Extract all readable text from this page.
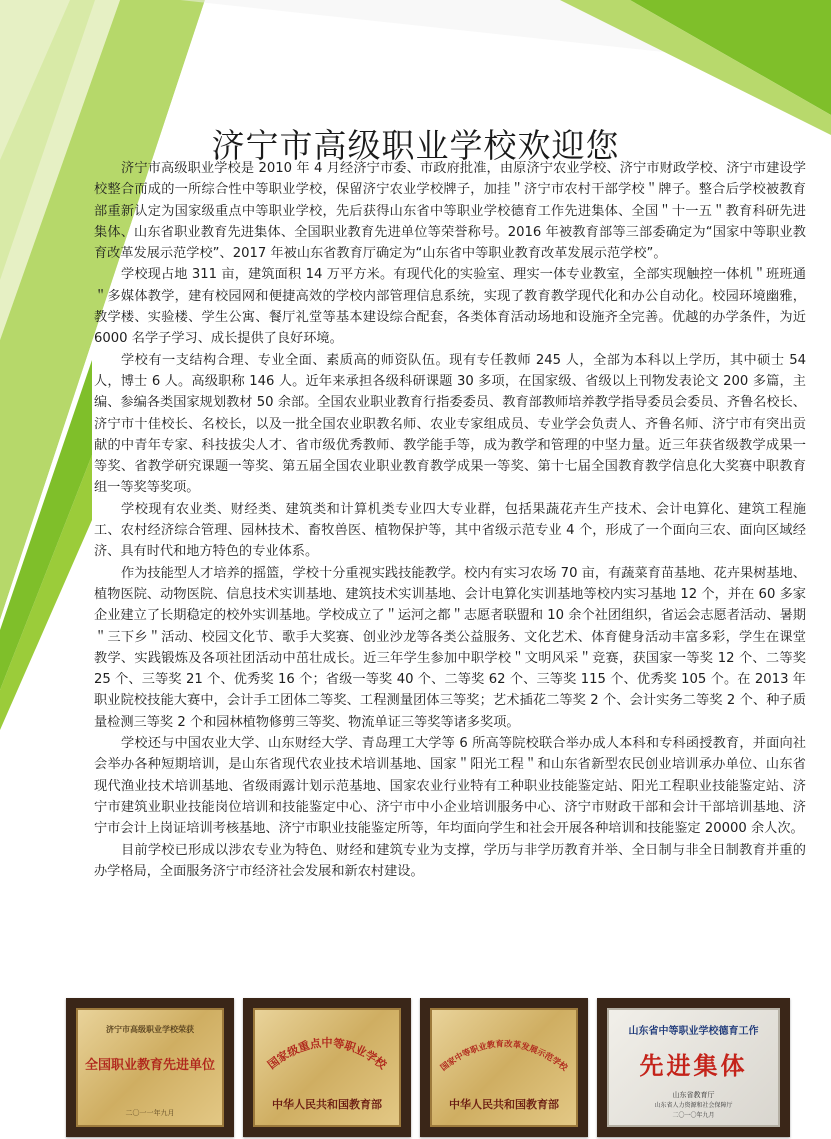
济宁市高级职业学校欢迎您

济宁市高级职业学校是 2010 年 4 月经济宁市委、市政府批准，由原济宁农业学校、济宁市财政学校、济宁市建设学校整合而成的一所综合性中等职业学校，保留济宁农业学校牌子，加挂＂济宁市农村干部学校＂牌子。整合后学校被教育部重新认定为国家级重点中等职业学校，先后获得山东省中等职业学校德育工作先进集体、全国＂十一五＂教育科研先进集体、山东省职业教育先进集体、全国职业教育先进单位等荣誉称号。2016 年被教育部等三部委确定为“国家中等职业教育改革发展示范学校”、2017 年被山东省教育厅确定为“山东省中等职业教育改革发展示范学校”。

学校现占地 311 亩，建筑面积 14 万平方米。有现代化的实验室、理实一体专业教室，全部实现触控一体机＂班班通＂多媒体教学，建有校园网和便捷高效的学校内部管理信息系统，实现了教育教学现代化和办公自动化。校园环境幽雅，教学楼、实验楼、学生公寓、餐厅礼堂等基本建设综合配套，各类体育活动场地和设施齐全完善。优越的办学条件，为近 6000 名学子学习、成长提供了良好环境。

学校有一支结构合理、专业全面、素质高的师资队伍。现有专任教师 245 人，全部为本科以上学历，其中硕士 54 人，博士 6 人。高级职称 146 人。近年来承担各级科研课题 30 多项，在国家级、省级以上刊物发表论文 200 多篇，主编、参编各类国家规划教材 50 余部。全国农业职业教育行指委委员、教育部教师培养教学指导委员会委员、齐鲁名校长、济宁市十佳校长、名校长，以及一批全国农业职教名师、农业专家组成员、专业学会负责人、齐鲁名师、济宁市有突出贡献的中青年专家、科技拔尖人才、省市级优秀教师、教学能手等，成为教学和管理的中坚力量。近三年获省级教学成果一等奖、省教学研究课题一等奖、第五届全国农业职业教育教学成果一等奖、第十七届全国教育教学信息化大奖赛中职教育组一等奖等奖项。

学校现有农业类、财经类、建筑类和计算机类专业四大专业群，包括果蔬花卉生产技术、会计电算化、建筑工程施工、农村经济综合管理、园林技术、畜牧兽医、植物保护等，其中省级示范专业 4 个，形成了一个面向三农、面向区域经济、具有时代和地方特色的专业体系。

作为技能型人才培养的摇篮，学校十分重视实践技能教学。校内有实习农场 70 亩，有蔬菜育苗基地、花卉果树基地、植物医院、动物医院、信息技术实训基地、建筑技术实训基地、会计电算化实训基地等校内实习基地 12 个，并在 60 多家企业建立了长期稳定的校外实训基地。学校成立了＂运河之都＂志愿者联盟和 10 余个社团组织，省运会志愿者活动、暑期＂三下乡＂活动、校园文化节、歌手大奖赛、创业沙龙等各类公益服务、文化艺术、体育健身活动丰富多彩，学生在课堂教学、实践锻炼及各项社团活动中茁壮成长。近三年学生参加中职学校＂文明风采＂竞赛，获国家一等奖 12 个、二等奖 25 个、三等奖 21 个、优秀奖 16 个；省级一等奖 40 个、二等奖 62 个、三等奖 115 个、优秀奖 105 个。在 2013 年职业院校技能大赛中，会计手工团体二等奖、工程测量团体三等奖；艺术插花二等奖 2 个、会计实务二等奖 2 个、种子质量检测三等奖 2 个和园林植物修剪三等奖、物流单证三等奖等诸多奖项。

学校还与中国农业大学、山东财经大学、青岛理工大学等 6 所高等院校联合举办成人本科和专科函授教育，并面向社会举办各种短期培训，是山东省现代农业技术培训基地、国家＂阳光工程＂和山东省新型农民创业培训承办单位、山东省现代渔业技术培训基地、省级雨露计划示范基地、国家农业行业特有工种职业技能鉴定站、阳光工程职业技能鉴定站、济宁市建筑业职业技能岗位培训和技能鉴定中心、济宁市中小企业培训服务中心、济宁市财政干部和会计干部培训基地、济宁市会计上岗证培训考核基地、济宁市职业技能鉴定所等，年均面向学生和社会开展各种培训和技能鉴定 20000 余人次。

目前学校已形成以涉农专业为特色、财经和建筑专业为支撑，学历与非学历教育并举、全日制与非全日制教育并重的办学格局，全面服务济宁市经济社会发展和新农村建设。

济宁市高级职业学校荣获
全国职业教育先进单位
二〇一一年九月
国家级重点中等职业学校
中华人民共和国教育部
国家中等职业教育改革发展示范学校
中华人民共和国教育部
山东省中等职业学校德育工作
先进集体
山东省教育厅
山东省人力资源和社会保障厅
二〇一〇年九月
